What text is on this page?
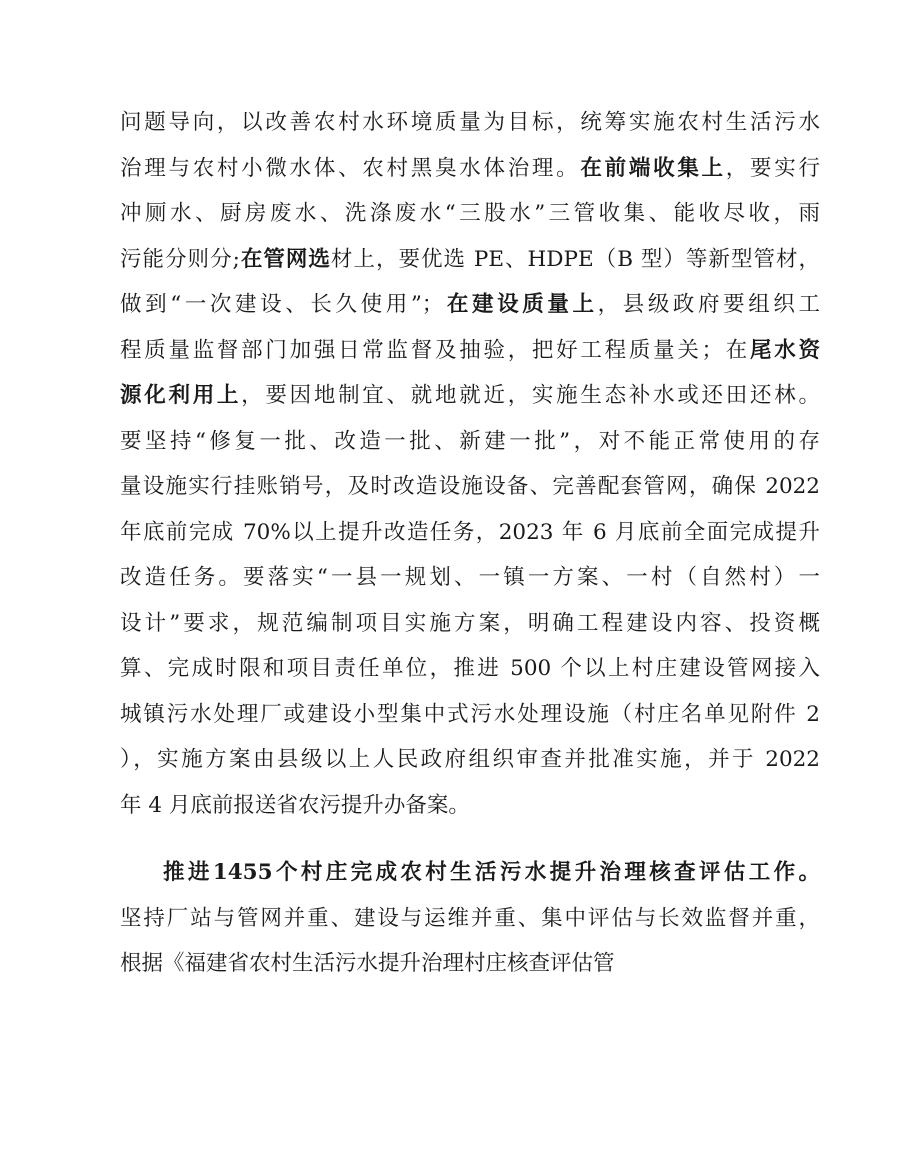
问题导向，以改善农村水环境质量为目标，统筹实施农村生活污水
治理与农村小微水体、农村黑臭水体治理。在前端收集上，要实行
冲厕水、厨房废水、洗涤废水“三股水”三管收集、能收尽收，雨
污能分则分;在管网选材上，要优选 PE、HDPE（B 型）等新型管材，
做到“一次建设、长久使用”；在建设质量上，县级政府要组织工
程质量监督部门加强日常监督及抽验，把好工程质量关；在尾水资
源化利用上，要因地制宜、就地就近，实施生态补水或还田还林。
要坚持“修复一批、改造一批、新建一批”，对不能正常使用的存
量设施实行挂账销号，及时改造设施设备、完善配套管网，确保 2022
年底前完成 70%以上提升改造任务，2023 年 6 月底前全面完成提升
改造任务。要落实“一县一规划、一镇一方案、一村（自然村）一
设计”要求，规范编制项目实施方案，明确工程建设内容、投资概
算、完成时限和项目责任单位，推进 500 个以上村庄建设管网接入
城镇污水处理厂或建设小型集中式污水处理设施（村庄名单见附件 2
），实施方案由县级以上人民政府组织审查并批准实施，并于 2022
年 4 月底前报送省农污提升办备案。
推进1455个村庄完成农村生活污水提升治理核查评估工作。
坚持厂站与管网并重、建设与运维并重、集中评估与长效监督并重，
根据《福建省农村生活污水提升治理村庄核查评估管
